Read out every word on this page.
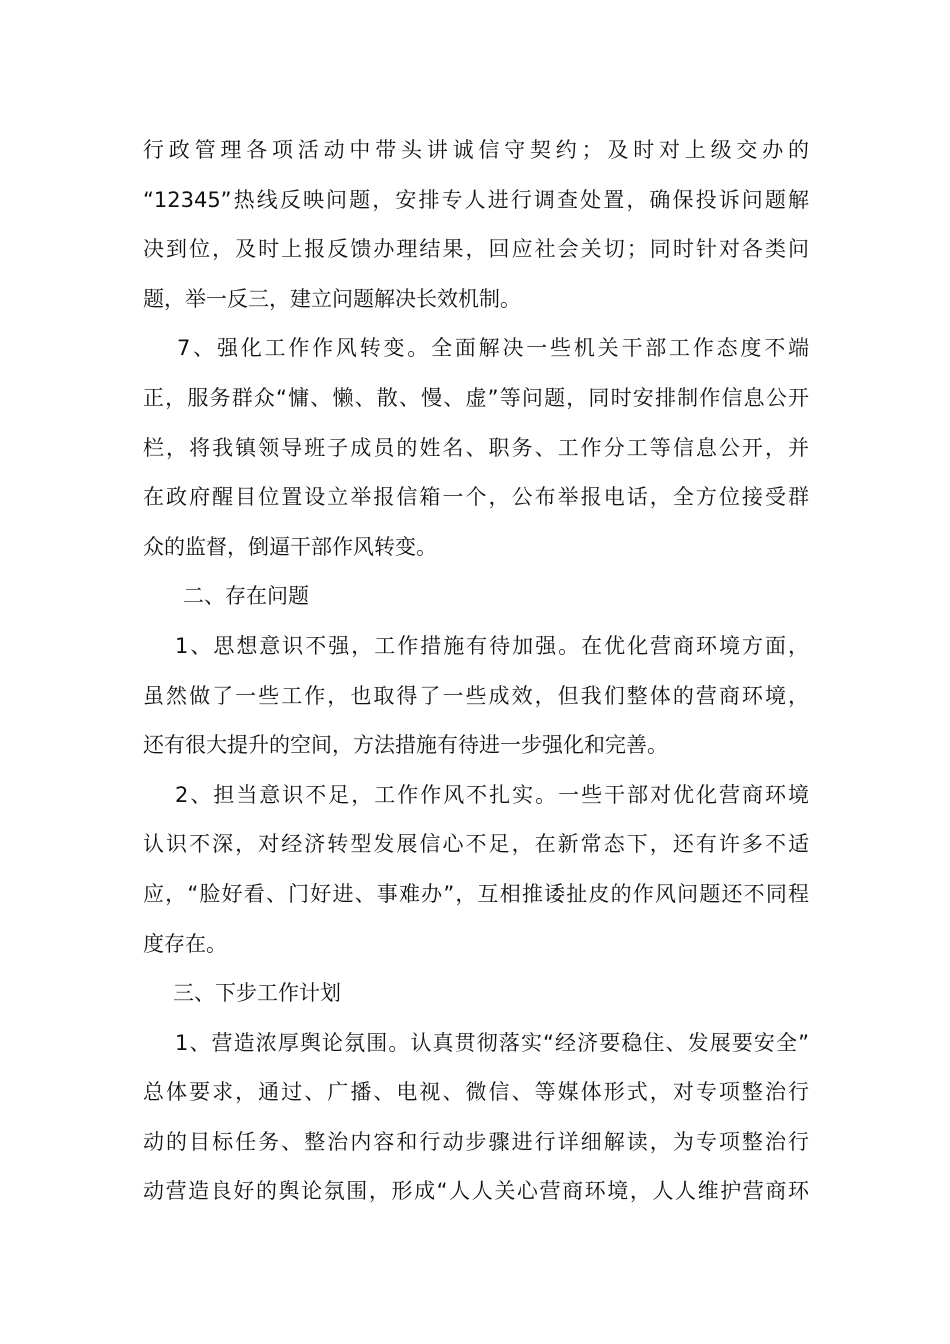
行政管理各项活动中带头讲诚信守契约；及时对上级交办的
“12345”热线反映问题，安排专人进行调查处置，确保投诉问题解
决到位，及时上报反馈办理结果，回应社会关切；同时针对各类问
题，举一反三，建立问题解决长效机制。
7、强化工作作风转变。全面解决一些机关干部工作态度不端
正，服务群众“慵、懒、散、慢、虚”等问题，同时安排制作信息公开
栏，将我镇领导班子成员的姓名、职务、工作分工等信息公开，并
在政府醒目位置设立举报信箱一个，公布举报电话，全方位接受群
众的监督，倒逼干部作风转变。
二、存在问题
1、思想意识不强，工作措施有待加强。在优化营商环境方面，
虽然做了一些工作，也取得了一些成效，但我们整体的营商环境，
还有很大提升的空间，方法措施有待进一步强化和完善。
2、担当意识不足，工作作风不扎实。一些干部对优化营商环境
认识不深，对经济转型发展信心不足，在新常态下，还有许多不适
应，“脸好看、门好进、事难办”，互相推诿扯皮的作风问题还不同程
度存在。
三、下步工作计划
1、营造浓厚舆论氛围。认真贯彻落实“经济要稳住、发展要安全”
总体要求，通过、广播、电视、微信、等媒体形式，对专项整治行
动的目标任务、整治内容和行动步骤进行详细解读，为专项整治行
动营造良好的舆论氛围，形成“人人关心营商环境，人人维护营商环
